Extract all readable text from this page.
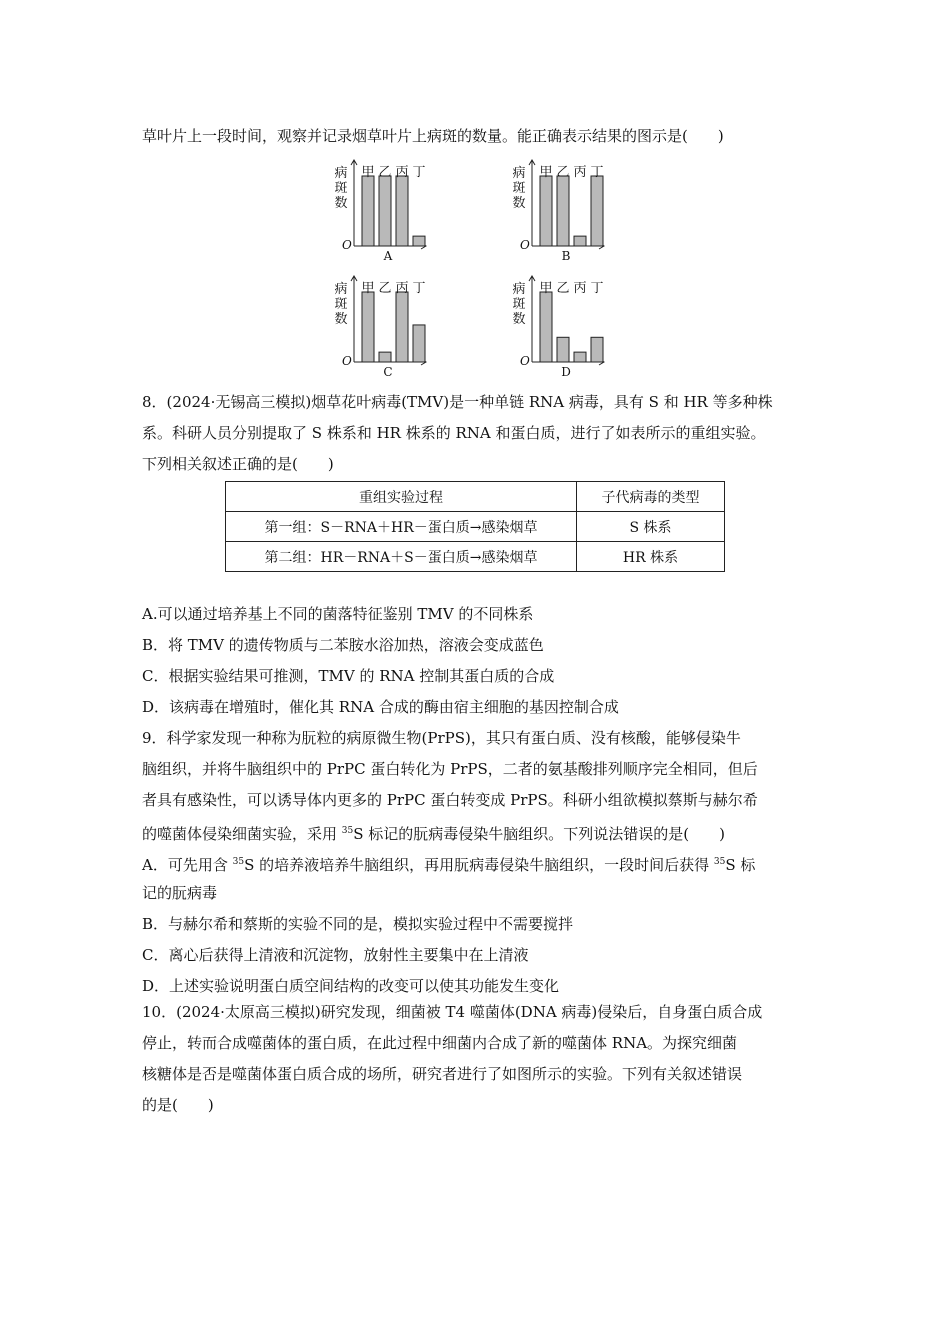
草叶片上一段时间，观察并记录烟草叶片上病斑的数量。能正确表示结果的图示是(　　)
病斑数
甲 乙 丙 丁
O
A
病斑数
甲 乙 丙 丁
O
B
病斑数
甲 乙 丙 丁
O
C
病斑数
甲 乙 丙 丁
O
D
8．(2024·无锡高三模拟)烟草花叶病毒(TMV)是一种单链 RNA 病毒，具有 S 和 HR 等多种株
系。科研人员分别提取了 S 株系和 HR 株系的 RNA 和蛋白质，进行了如表所示的重组实验。
下列相关叙述正确的是(　　)
重组实验过程	子代病毒的类型
第一组：S－RNA＋HR－蛋白质→感染烟草	S 株系
第二组：HR－RNA＋S－蛋白质→感染烟草	HR 株系
A.可以通过培养基上不同的菌落特征鉴别 TMV 的不同株系
B．将 TMV 的遗传物质与二苯胺水浴加热，溶液会变成蓝色
C．根据实验结果可推测，TMV 的 RNA 控制其蛋白质的合成
D．该病毒在增殖时，催化其 RNA 合成的酶由宿主细胞的基因控制合成
9．科学家发现一种称为朊粒的病原微生物(PrPS)，其只有蛋白质、没有核酸，能够侵染牛
脑组织，并将牛脑组织中的 PrPC 蛋白转化为 PrPS，二者的氨基酸排列顺序完全相同，但后
者具有感染性，可以诱导体内更多的 PrPC 蛋白转变成 PrPS。科研小组欲模拟蔡斯与赫尔希
的噬菌体侵染细菌实验，采用 $^{35}$S 标记的朊病毒侵染牛脑组织。下列说法错误的是(　　)
A．可先用含 $^{35}$S 的培养液培养牛脑组织，再用朊病毒侵染牛脑组织，一段时间后获得 $^{35}$S 标
记的朊病毒
B．与赫尔希和蔡斯的实验不同的是，模拟实验过程中不需要搅拌
C．离心后获得上清液和沉淀物，放射性主要集中在上清液
D．上述实验说明蛋白质空间结构的改变可以使其功能发生变化
10．(2024·太原高三模拟)研究发现，细菌被 T4 噬菌体(DNA 病毒)侵染后，自身蛋白质合成
停止，转而合成噬菌体的蛋白质，在此过程中细菌内合成了新的噬菌体 RNA。为探究细菌
核糖体是否是噬菌体蛋白质合成的场所，研究者进行了如图所示的实验。下列有关叙述错误
的是(　　)
